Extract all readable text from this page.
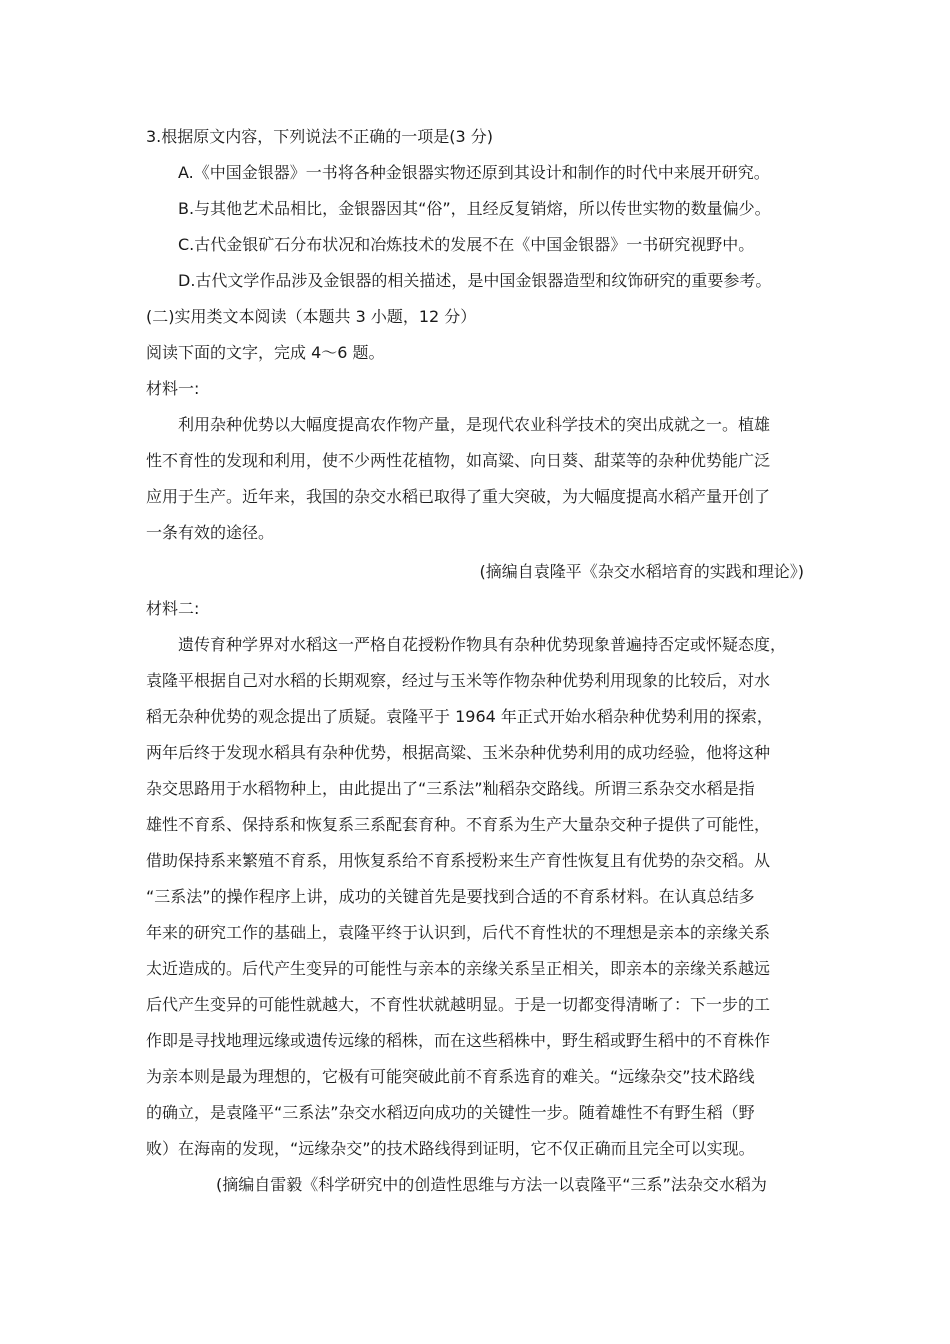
3.根据原文内容，下列说法不正确的一项是(3 分)
A.《中国金银器》一书将各种金银器实物还原到其设计和制作的时代中来展开研究。
B.与其他艺术品相比，金银器因其“俗”，且经反复销熔，所以传世实物的数量偏少。
C.古代金银矿石分布状况和冶炼技术的发展不在《中国金银器》一书研究视野中。
D.古代文学作品涉及金银器的相关描述，是中国金银器造型和纹饰研究的重要参考。
(二)实用类文本阅读（本题共 3 小题，12 分）
阅读下面的文字，完成 4～6 题。
材料一:
利用杂种优势以大幅度提高农作物产量，是现代农业科学技术的突出成就之一。植雄
性不育性的发现和利用，使不少两性花植物，如高粱、向日葵、甜菜等的杂种优势能广泛
应用于生产。近年来，我国的杂交水稻已取得了重大突破，为大幅度提高水稻产量开创了
一条有效的途径。
(摘编自袁隆平《杂交水稻培育的实践和理论》)
材料二:
遗传育种学界对水稻这一严格自花授粉作物具有杂种优势现象普遍持否定或怀疑态度，
袁隆平根据自己对水稻的长期观察，经过与玉米等作物杂种优势利用现象的比较后，对水
稻无杂种优势的观念提出了质疑。袁隆平于 1964 年正式开始水稻杂种优势利用的探索，
两年后终于发现水稻具有杂种优势，根据高粱、玉米杂种优势利用的成功经验，他将这种
杂交思路用于水稻物种上，由此提出了“三系法”籼稻杂交路线。所谓三系杂交水稻是指
雄性不育系、保持系和恢复系三系配套育种。不育系为生产大量杂交种子提供了可能性，
借助保持系来繁殖不育系，用恢复系给不育系授粉来生产育性恢复且有优势的杂交稻。从
“三系法”的操作程序上讲，成功的关键首先是要找到合适的不育系材料。在认真总结多
年来的研究工作的基础上，袁隆平终于认识到，后代不育性状的不理想是亲本的亲缘关系
太近造成的。后代产生变异的可能性与亲本的亲缘关系呈正相关，即亲本的亲缘关系越远
后代产生变异的可能性就越大，不育性状就越明显。于是一切都变得清晰了：下一步的工
作即是寻找地理远缘或遗传远缘的稻株，而在这些稻株中，野生稻或野生稻中的不育株作
为亲本则是最为理想的，它极有可能突破此前不育系选育的难关。“远缘杂交”技术路线
的确立，是袁隆平“三系法”杂交水稻迈向成功的关键性一步。随着雄性不有野生稻（野
败）在海南的发现，“远缘杂交”的技术路线得到证明，它不仅正确而且完全可以实现。
(摘编自雷毅《科学研究中的创造性思维与方法一以袁隆平“三系”法杂交水稻为
